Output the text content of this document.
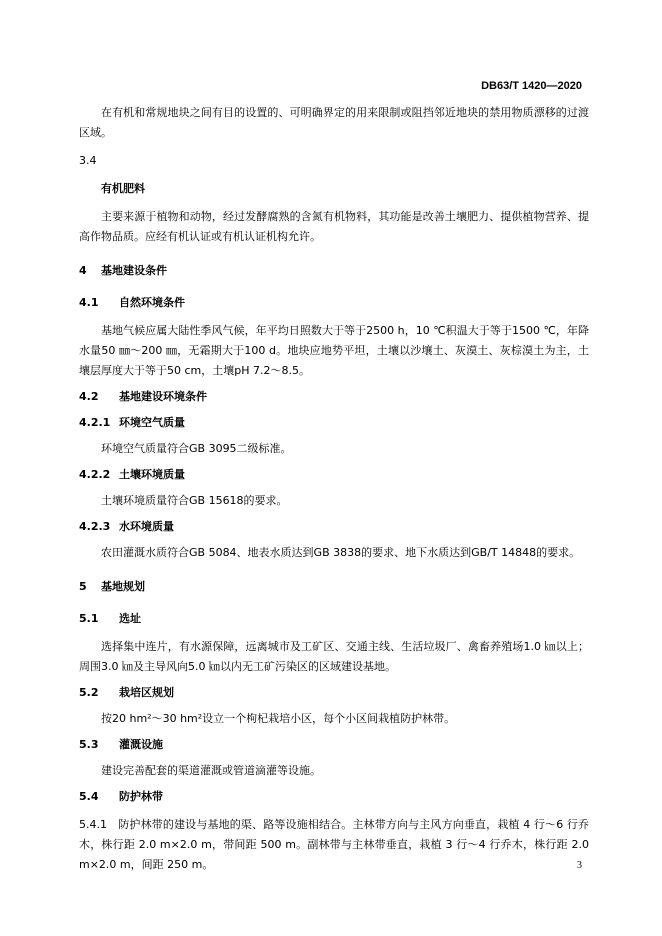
DB63/T 1420—2020

在有机和常规地块之间有目的设置的、可明确界定的用来限制或阻挡邻近地块的禁用物质漂移的过渡区域。

3.4

有机肥料

主要来源于植物和动物，经过发酵腐熟的含氮有机物料，其功能是改善土壤肥力、提供植物营养、提高作物品质。应经有机认证或有机认证机构允许。

4 基地建设条件

4.1 自然环境条件

基地气候应属大陆性季风气候，年平均日照数大于等于2500 h，10 ℃积温大于等于1500 ℃，年降水量50 ㎜～200 ㎜，无霜期大于100 d。地块应地势平坦，土壤以沙壤土、灰漠土、灰棕漠土为主，土壤层厚度大于等于50 cm，土壤pH 7.2～8.5。

4.2 基地建设环境条件

4.2.1 环境空气质量

环境空气质量符合GB 3095二级标准。

4.2.2 土壤环境质量

土壤环境质量符合GB 15618的要求。

4.2.3 水环境质量

农田灌溉水质符合GB 5084、地表水质达到GB 3838的要求、地下水质达到GB/T 14848的要求。

5 基地规划

5.1 选址

选择集中连片，有水源保障，远离城市及工矿区、交通主线、生活垃圾厂、禽畜养殖场1.0 ㎞以上；周围3.0 ㎞及主导风向5.0 ㎞以内无工矿污染区的区域建设基地。

5.2 栽培区规划

按20 hm²～30 hm²设立一个枸杞栽培小区，每个小区间栽植防护林带。

5.3 灌溉设施

建设完善配套的渠道灌溉或管道滴灌等设施。

5.4 防护林带

5.4.1　防护林带的建设与基地的渠、路等设施相结合。主林带方向与主风方向垂直，栽植 4 行～6 行乔木，株行距 2.0 m×2.0 m，带间距 500 m。副林带与主林带垂直，栽植 3 行～4 行乔木，株行距 2.0 m×2.0 m，间距 250 m。	3
